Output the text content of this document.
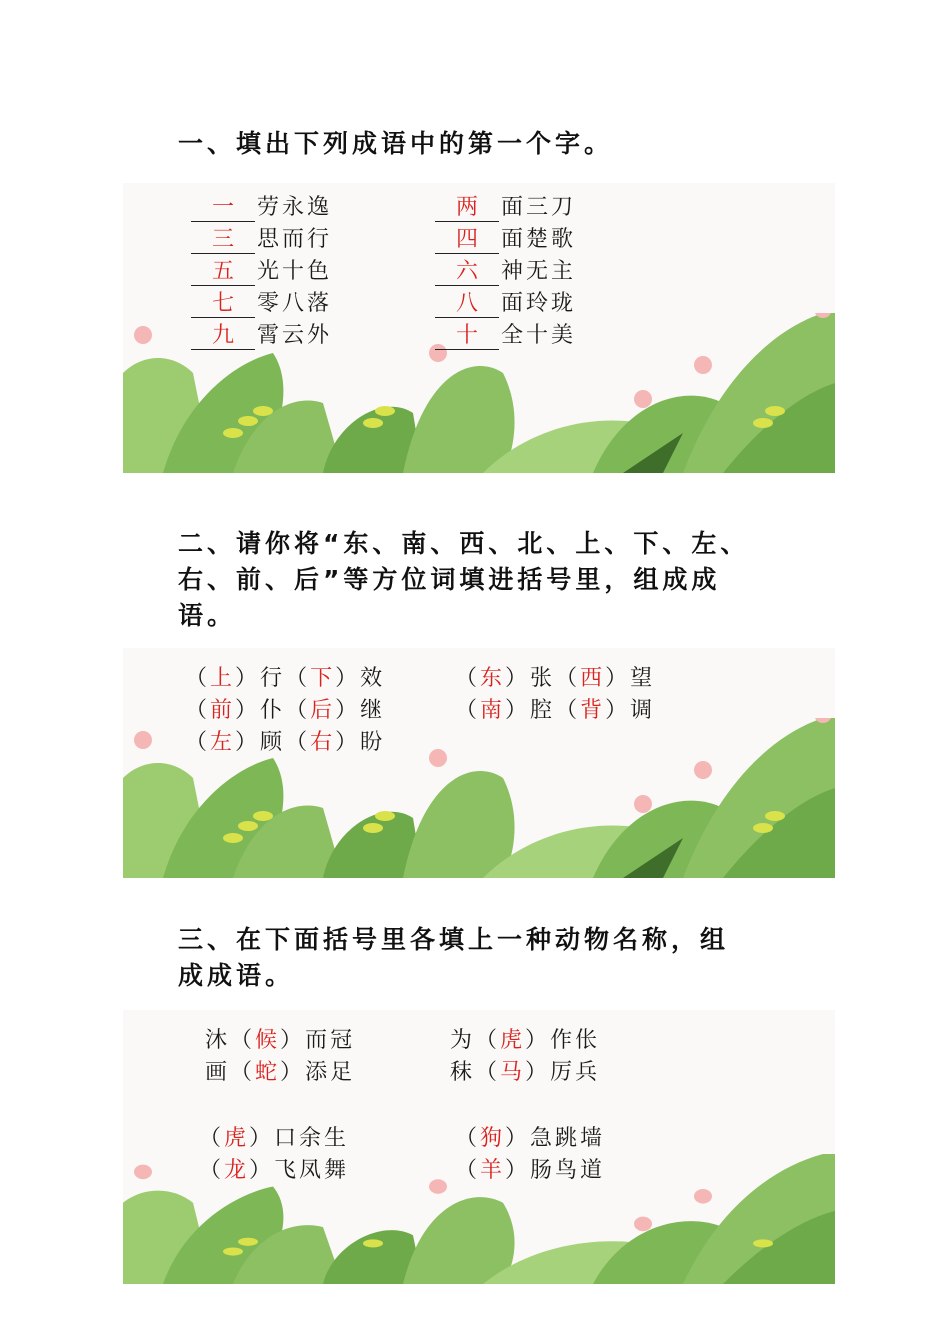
一、填出下列成语中的第一个字。
一 劳永逸	两 面三刀
三 思而行	四 面楚歌
五 光十色	六 神无主
七 零八落	八 面玲珑
九 霄云外	十 全十美
二、请你将“东、南、西、北、上、下、左、
右、前、后”等方位词填进括号里，组成成
语。
（上）行（下）效	（东）张（西）望
（前）仆（后）继	（南）腔（背）调
（左）顾（右）盼
三、在下面括号里各填上一种动物名称，组
成成语。
沐（候）而冠	为（虎）作伥
画（蛇）添足	秣（马）厉兵
（虎）口余生	（狗）急跳墙
（龙）飞凤舞	（羊）肠鸟道
